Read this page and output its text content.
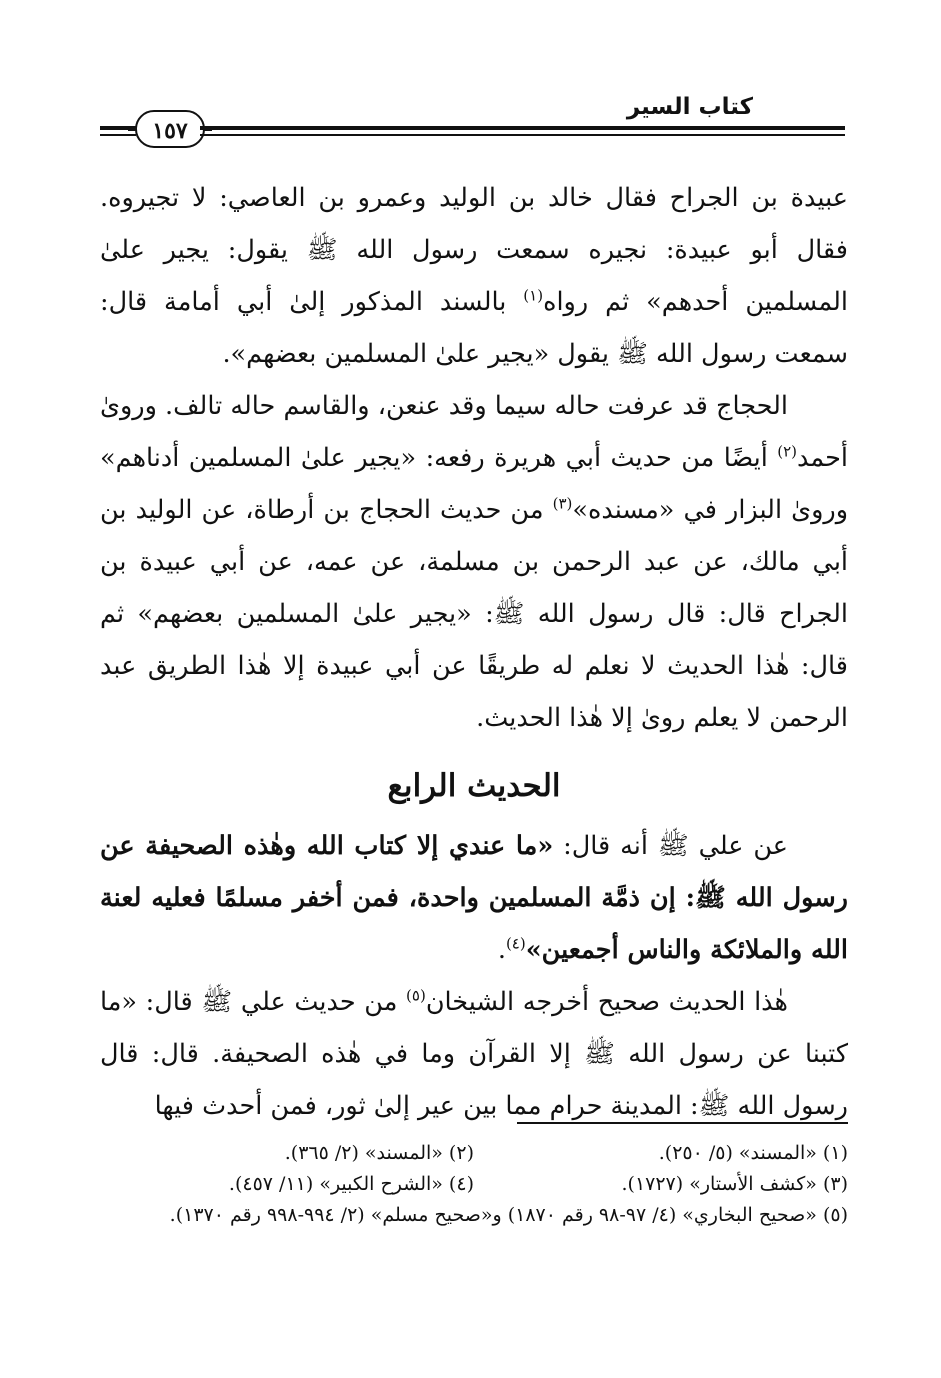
كتاب السير
١٥٧

عبيدة بن الجراح فقال خالد بن الوليد وعمرو بن العاصي: لا تجيروه. فقال أبو عبيدة: نجيره سمعت رسول الله ﷺ يقول: يجير علىٰ المسلمين أحدهم» ثم رواه$^{(١)}$ بالسند المذكور إلىٰ أبي أمامة قال: سمعت رسول الله ﷺ يقول «يجير علىٰ المسلمين بعضهم».

الحجاج قد عرفت حاله سيما وقد عنعن، والقاسم حاله تالف. وروىٰ أحمد$^{(٢)}$ أيضًا من حديث أبي هريرة رفعه: «يجير علىٰ المسلمين أدناهم» وروىٰ البزار في «مسنده»$^{(٣)}$ من حديث الحجاج بن أرطاة، عن الوليد بن أبي مالك، عن عبد الرحمن بن مسلمة، عن عمه، عن أبي عبيدة بن الجراح قال: قال رسول الله ﷺ: «يجير علىٰ المسلمين بعضهم» ثم قال: هٰذا الحديث لا نعلم له طريقًا عن أبي عبيدة إلا هٰذا الطريق عبد الرحمن لا يعلم روىٰ إلا هٰذا الحديث.

الحديث الرابع

عن علي ﷺ أنه قال: «ما عندي إلا كتاب الله وهٰذه الصحيفة عن رسول الله ﷺ: إن ذمَّة المسلمين واحدة، فمن أخفر مسلمًا فعليه لعنة الله والملائكة والناس أجمعين»$^{(٤)}$.

هٰذا الحديث صحيح أخرجه الشيخان$^{(٥)}$ من حديث علي ﷺ قال: «ما كتبنا عن رسول الله ﷺ إلا القرآن وما في هٰذه الصحيفة. قال: قال رسول الله ﷺ: المدينة حرام مما بين عير إلىٰ ثور، فمن أحدث فيها

(١) «المسند» (٥/ ٢٥٠).
(٢) «المسند» (٢/ ٣٦٥).
(٣) «كشف الأستار» (١٧٢٧).
(٤) «الشرح الكبير» (١١/ ٤٥٧).
(٥) «صحيح البخاري» (٤/ ٩٧-٩٨ رقم ١٨٧٠) و«صحيح مسلم» (٢/ ٩٩٤-٩٩٨ رقم ١٣٧٠).
